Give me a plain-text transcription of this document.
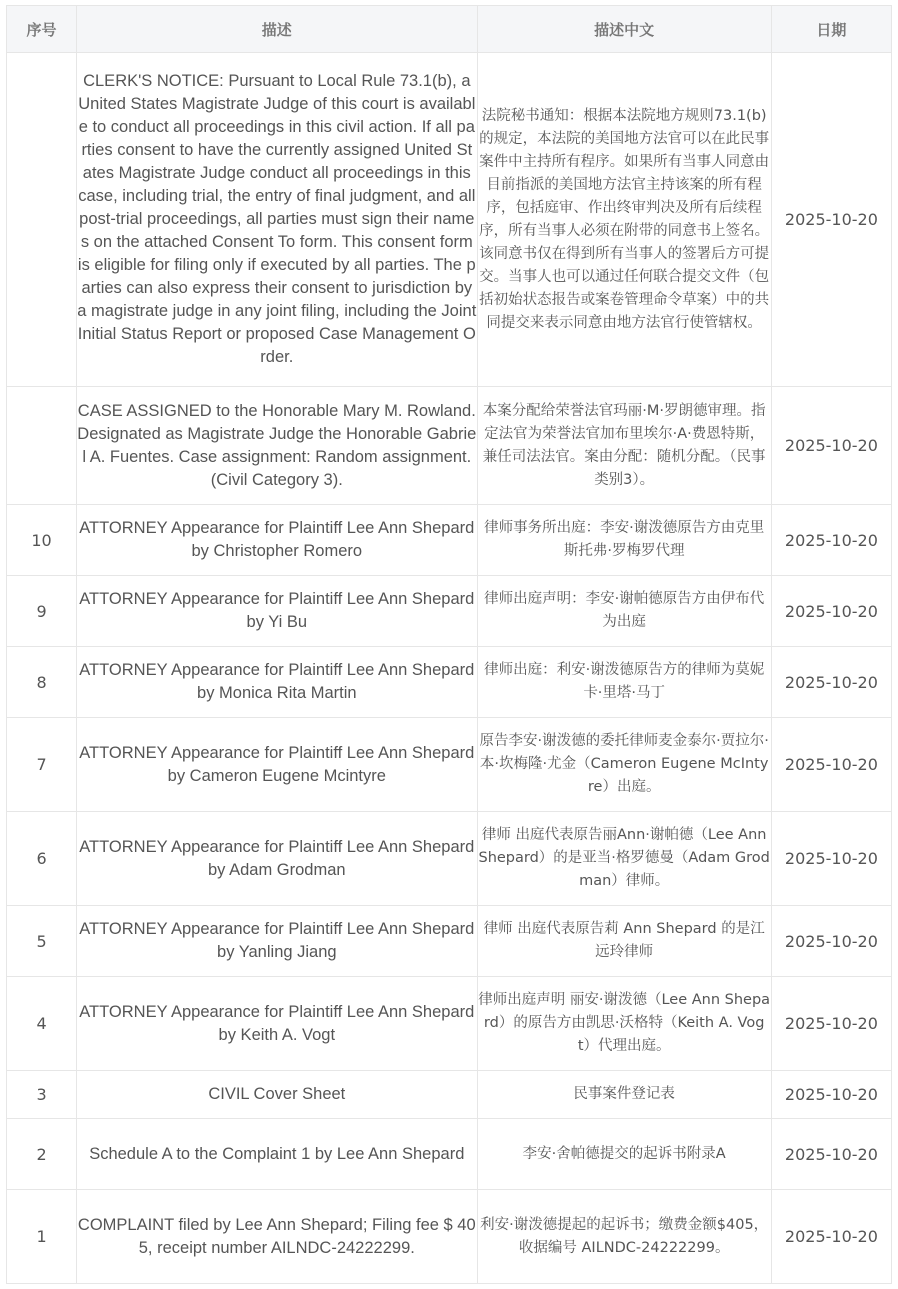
序号	描述	描述中文	日期

	CLERK'S NOTICE: Pursuant to Local Rule 73.1(b), a United States Magistrate Judge of this court is available to conduct all proceedings in this civil action. If all parties consent to have the currently assigned United States Magistrate Judge conduct all proceedings in this case, including trial, the entry of final judgment, and all post-trial proceedings, all parties must sign their names on the attached Consent To form. This consent form is eligible for filing only if executed by all parties. The parties can also express their consent to jurisdiction by a magistrate judge in any joint filing, including the Joint Initial Status Report or proposed Case Management Order.	法院秘书通知：根据本法院地方规则73.1(b)的规定，本法院的美国地方法官可以在此民事案件中主持所有程序。如果所有当事人同意由目前指派的美国地方法官主持该案的所有程序，包括庭审、作出终审判决及所有后续程序，所有当事人必须在附带的同意书上签名。该同意书仅在得到所有当事人的签署后方可提交。当事人也可以通过任何联合提交文件（包括初始状态报告或案卷管理命令草案）中的共同提交来表示同意由地方法官行使管辖权。	2025-10-20
	CASE ASSIGNED to the Honorable Mary M. Rowland. Designated as Magistrate Judge the Honorable Gabriel A. Fuentes. Case assignment: Random assignment. (Civil Category 3).	本案分配给荣誉法官玛丽·M·罗朗德审理。指定法官为荣誉法官加布里埃尔·A·费恩特斯，兼任司法法官。案由分配：随机分配。（民事类别3）。	2025-10-20
10	ATTORNEY Appearance for Plaintiff Lee Ann Shepard by Christopher Romero	律师事务所出庭：李安·谢泼德原告方由克里斯托弗·罗梅罗代理	2025-10-20
9	ATTORNEY Appearance for Plaintiff Lee Ann Shepard by Yi Bu	律师出庭声明：李安·谢帕德原告方由伊布代为出庭	2025-10-20
8	ATTORNEY Appearance for Plaintiff Lee Ann Shepard by Monica Rita Martin	律师出庭：利安·谢泼德原告方的律师为莫妮卡·里塔·马丁	2025-10-20
7	ATTORNEY Appearance for Plaintiff Lee Ann Shepard by Cameron Eugene Mcintyre	原告李安·谢泼德的委托律师麦金泰尔·贾拉尔·本·坎梅隆·尤金（Cameron Eugene McIntyre）出庭。	2025-10-20
6	ATTORNEY Appearance for Plaintiff Lee Ann Shepard by Adam Grodman	律师 出庭代表原告丽Ann·谢帕德（Lee Ann Shepard）的是亚当·格罗德曼（Adam Grodman）律师。	2025-10-20
5	ATTORNEY Appearance for Plaintiff Lee Ann Shepard by Yanling Jiang	律师 出庭代表原告莉 Ann Shepard 的是江远玲律师	2025-10-20
4	ATTORNEY Appearance for Plaintiff Lee Ann Shepard by Keith A. Vogt	律师出庭声明 丽安·谢泼德（Lee Ann Shepard）的原告方由凯思·沃格特（Keith A. Vogt）代理出庭。	2025-10-20
3	CIVIL Cover Sheet	民事案件登记表	2025-10-20
2	Schedule A to the Complaint 1 by Lee Ann Shepard	李安·舍帕德提交的起诉书附录A	2025-10-20
1	COMPLAINT filed by Lee Ann Shepard; Filing fee $ 405, receipt number AILNDC-24222299.	利安·谢泼德提起的起诉书；缴费金额$405，收据编号 AILNDC-24222299。	2025-10-20
